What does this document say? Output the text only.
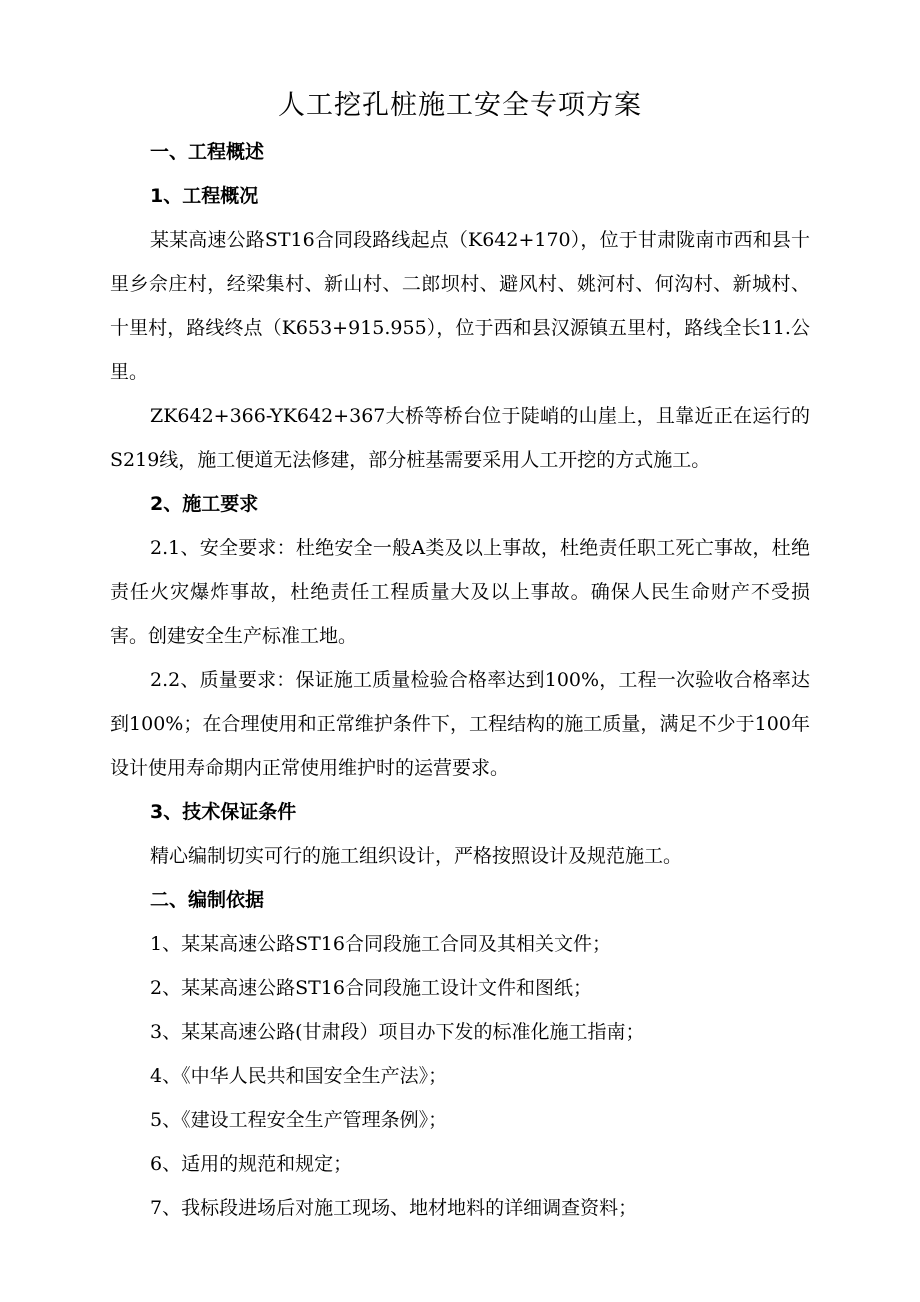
人工挖孔桩施工安全专项方案
一、工程概述
1、工程概况

某某高速公路ST16合同段路线起点（K642+170），位于甘肃陇南市西和县十里乡佘庄村，经梁集村、新山村、二郎坝村、避风村、姚河村、何沟村、新城村、十里村，路线终点（K653+915.955），位于西和县汉源镇五里村，路线全长11.公里。

ZK642+366-YK642+367大桥等桥台位于陡峭的山崖上，且靠近正在运行的S219线，施工便道无法修建，部分桩基需要采用人工开挖的方式施工。

2、施工要求

2.1、安全要求：杜绝安全一般A类及以上事故，杜绝责任职工死亡事故，杜绝责任火灾爆炸事故，杜绝责任工程质量大及以上事故。确保人民生命财产不受损害。创建安全生产标准工地。

2.2、质量要求：保证施工质量检验合格率达到100%，工程一次验收合格率达到100%；在合理使用和正常维护条件下，工程结构的施工质量，满足不少于100年设计使用寿命期内正常使用维护时的运营要求。

3、技术保证条件

精心编制切实可行的施工组织设计，严格按照设计及规范施工。

二、编制依据
1、某某高速公路ST16合同段施工合同及其相关文件；
2、某某高速公路ST16合同段施工设计文件和图纸；
3、某某高速公路(甘肃段）项目办下发的标准化施工指南；
4、《中华人民共和国安全生产法》；
5、《建设工程安全生产管理条例》；
6、适用的规范和规定；
7、我标段进场后对施工现场、地材地料的详细调查资料；
